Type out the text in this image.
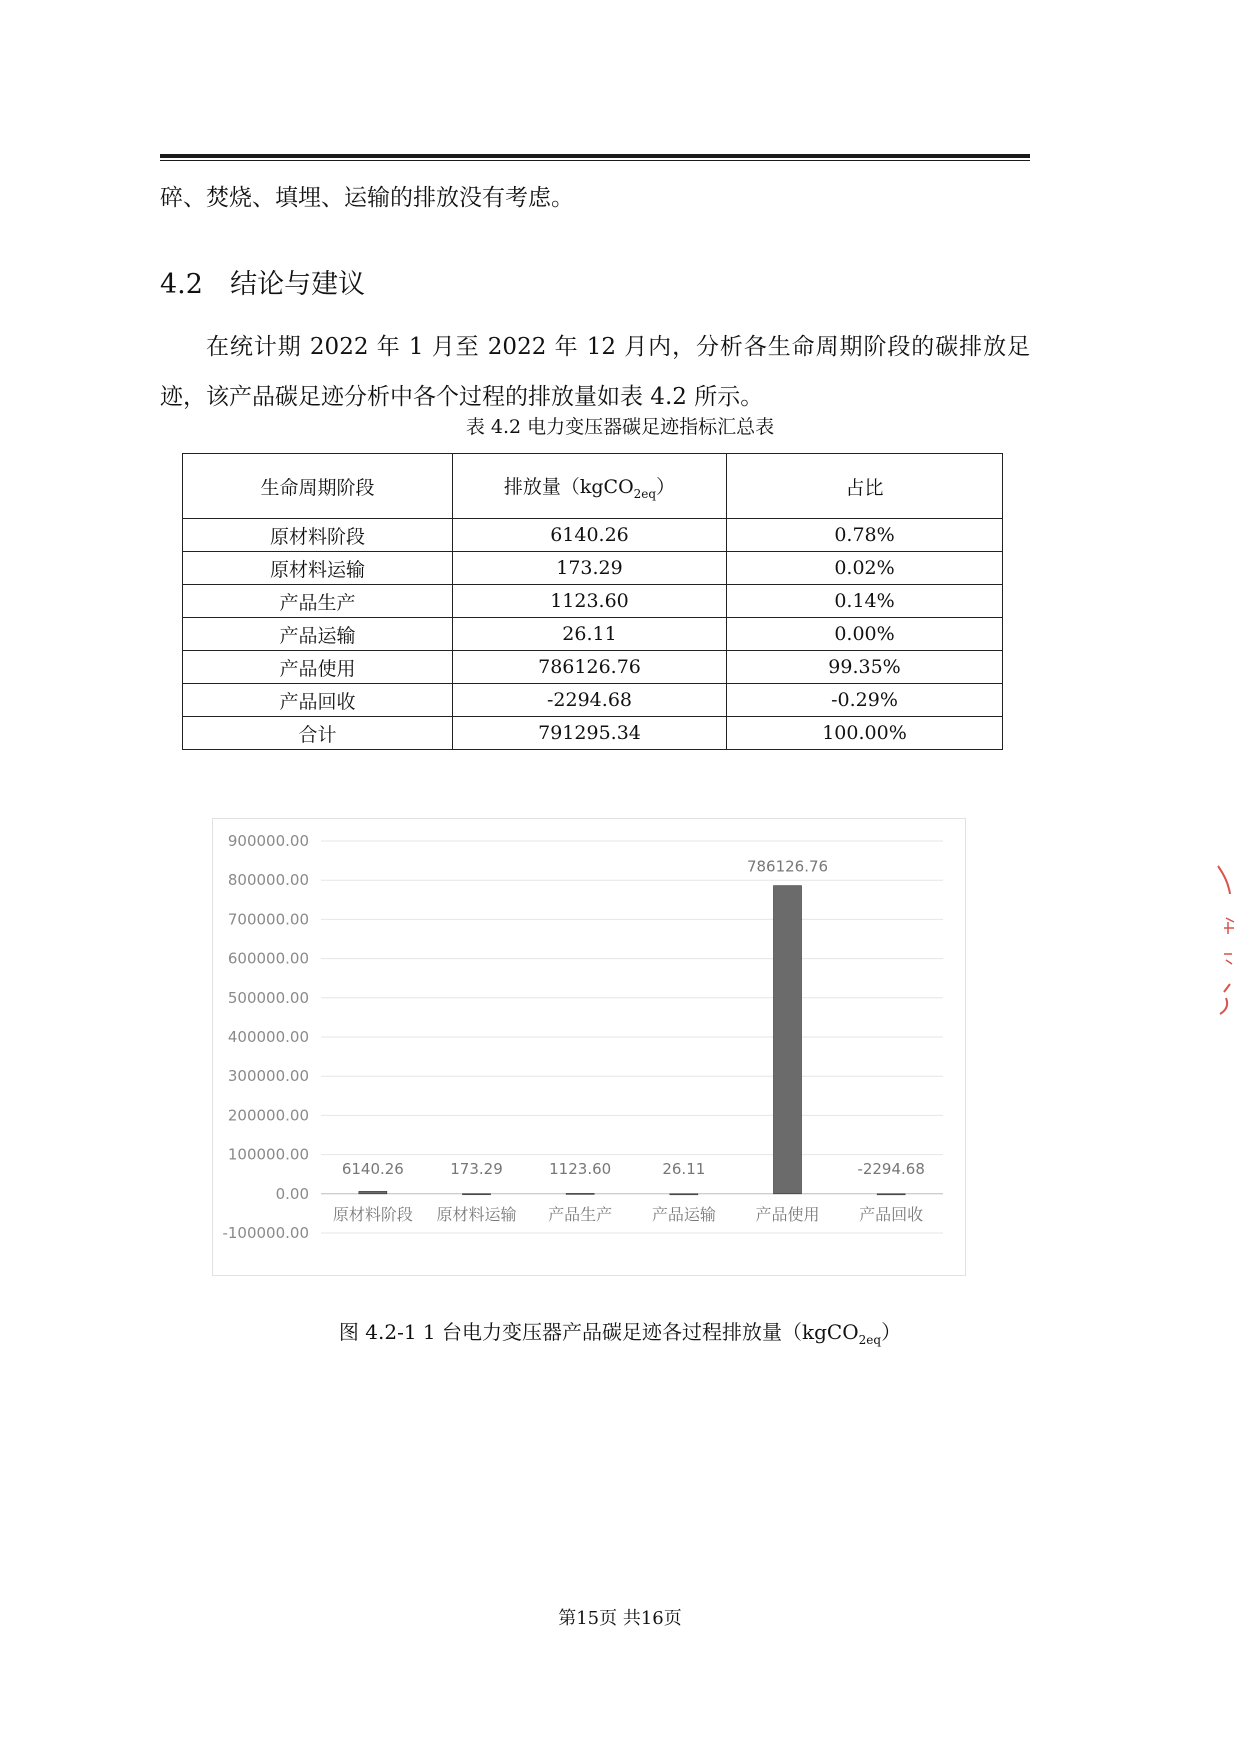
碎、焚烧、填埋、运输的排放没有考虑。

4.2 结论与建议

在统计期 2022 年 1 月至 2022 年 12 月内，分析各生命周期阶段的碳排放足迹，该产品碳足迹分析中各个过程的排放量如表 4.2 所示。

表 4.2 电力变压器碳足迹指标汇总表

生命周期阶段	排放量（kgCO$_{2eq}$）	占比
原材料阶段	6140.26	0.78%
原材料运输	173.29	0.02%
产品生产	1123.60	0.14%
产品运输	26.11	0.00%
产品使用	786126.76	99.35%
产品回收	-2294.68	-0.29%
合计	791295.34	100.00%
-100000.00
0.00
100000.00
200000.00
300000.00
400000.00
500000.00
600000.00
700000.00
800000.00
900000.00
6140.26
原材料阶段
173.29
原材料运输
1123.60
产品生产
26.11
产品运输
786126.76
产品使用
-2294.68
产品回收

图 4.2-1 1 台电力变压器产品碳足迹各过程排放量（kgCO$_{2eq}$）

第15页 共16页
